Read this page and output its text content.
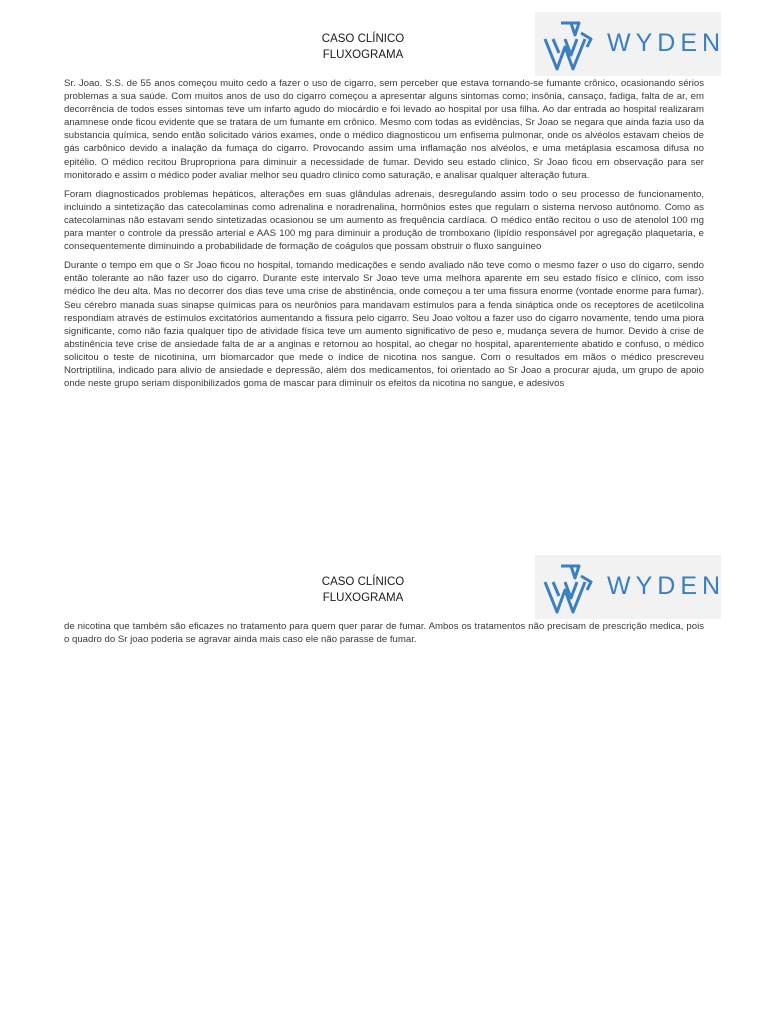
CASO CLÍNICO
FLUXOGRAMA	WYDEN

Sr. Joao. S.S. de 55 anos começou muito cedo a fazer o uso de cigarro, sem perceber que estava tornando-se fumante crônico, ocasionando sérios problemas a sua saúde. Com muitos anos de uso do cigarro começou a apresentar alguns sintomas como; insônia, cansaço, fadiga, falta de ar, em decorrência de todos esses sintomas teve um infarto agudo do miocárdio e foi levado ao hospital por usa filha. Ao dar entrada ao hospital realizaram anamnese onde ficou evidente que se tratara de um fumante em crônico. Mesmo com todas as evidências, Sr Joao se negara que ainda fazia uso da substancia química, sendo então solicitado vários exames, onde o médico diagnosticou um enfisema pulmonar, onde os alvéolos estavam cheios de gás carbônico devido a inalação da fumaça do cigarro. Provocando assim uma inflamação nos alvéolos, e uma metáplasia escamosa difusa no epitélio. O médico recitou Brupropriona para diminuir a necessidade de fumar. Devido seu estado clinico, Sr Joao ficou em observação para ser monitorado e assim o médico poder avaliar melhor seu quadro clinico como saturação, e analisar qualquer alteração futura.

Foram diagnosticados problemas hepáticos, alterações em suas glândulas adrenais, desregulando assim todo o seu processo de funcionamento, incluindo a sintetização das catecolaminas como adrenalina e noradrenalina, hormônios estes que regulam o sistema nervoso autônomo. Como as catecolaminas não estavam sendo sintetizadas ocasionou se um aumento as frequência cardíaca. O médico então recitou o uso de atenolol 100 mg para manter o controle da pressão arterial e AAS 100 mg para diminuir a produção de tromboxano (lipídio responsável por agregação plaquetaria, e consequentemente diminuindo a probabilidade de formação de coágulos que possam obstruir o fluxo sanguíneo

Durante o tempo em que o Sr Joao ficou no hospital, tomando medicações e sendo avaliado não teve como o mesmo fazer o uso do cigarro, sendo então tolerante ao não fazer uso do cigarro. Durante este intervalo Sr Joao teve uma melhora aparente em seu estado físico e clínico, com isso médico lhe deu alta. Mas no decorrer dos dias teve uma crise de abstinência, onde começou a ter uma fissura enorme (vontade enorme para fumar). Seu cérebro manada suas sinapse químicas para os neurônios para mandavam estímulos para a fenda sináptica onde os receptores de acetilcolina respondiam através de estímulos excitatórios aumentando a fissura pelo cigarro. Seu Joao voltou a fazer uso do cigarro novamente, tendo uma piora significante, como não fazia qualquer tipo de atividade física teve um aumento significativo de peso e, mudança severa de humor. Devido à crise de abstinência teve crise de ansiedade falta de ar a anginas e retornou ao hospital, ao chegar no hospital, aparentemente abatido e confuso, o médico solicitou o teste de nicotinina, um biomarcador que mede o índice de nicotina nos sangue. Com o resultados em mãos o médico prescreveu Nortriptilina, indicado para alivio de ansiedade e depressão, além dos medicamentos, foi orientado ao Sr Joao a procurar ajuda, um grupo de apoio onde neste grupo seriam disponibilizados goma de mascar para diminuir os efeitos da nicotina no sangue, e adesivos

CASO CLÍNICO
FLUXOGRAMA	WYDEN

de nicotina que também são eficazes no tratamento para quem quer parar de fumar. Ambos os tratamentos não precisam de prescrição medica, pois o quadro do Sr joao poderia se agravar ainda mais caso ele não parasse de fumar.
